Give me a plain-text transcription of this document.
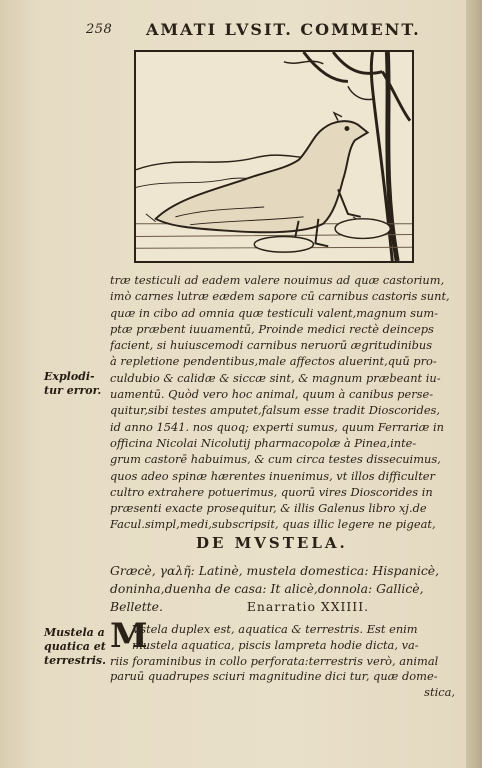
258 AMATI LVSIT. COMMENT.
træ testiculi ad eadem valere nouimus ad quæ castorium,
imò carnes lutræ eædem sapore cū carnibus castoris sunt,
quæ in cibo ad omnia quæ testiculi valent,magnum sum-
ptæ præbent iuuamentū, Proinde medici rectè deinceps
facient, si huiuscemodi carnibus neruorū ægritudinibus
à repletione pendentibus,male affectos aluerint,quū pro-
culdubio & calidæ & siccæ sint, & magnum præbeant iu-
uamentū. Quòd vero hoc animal, quum à canibus perse-
quitur,sibi testes amputet,falsum esse tradit Dioscorides,
id anno 1541. nos quoq; experti sumus, quum Ferrariæ in
officina Nicolai Nicolutij pharmacopolæ à Pinea,inte-
grum castorē habuimus, & cum circa testes dissecuimus,
quos adeo spinæ hærentes inuenimus, vt illos difficulter
cultro extrahere potuerimus, quorū vires Dioscorides in
præsenti exacte prosequitur, & illis Galenus libro xj.de
Facul.simpl,medi,subscripsit, quas illic legere ne pigeat,
Explodi-
tur error.
DE MVSTELA.
Græcè, γαλῆ: Latinè, mustela domestica: Hispanicè,
doninha,duenha de casa: It alicè,donnola: Gallicè,
Bellette.	Enarratio XXIIII.
Mustela a
quatica et
terrestris.
M
Vstela duplex est, aquatica & terrestris. Est enim
mustela aquatica, piscis lampreta hodie dicta, va-
riis foraminibus in collo perforata:terrestris verò, animal
paruū quadrupes sciuri magnitudine dici tur, quæ dome-
stica,
